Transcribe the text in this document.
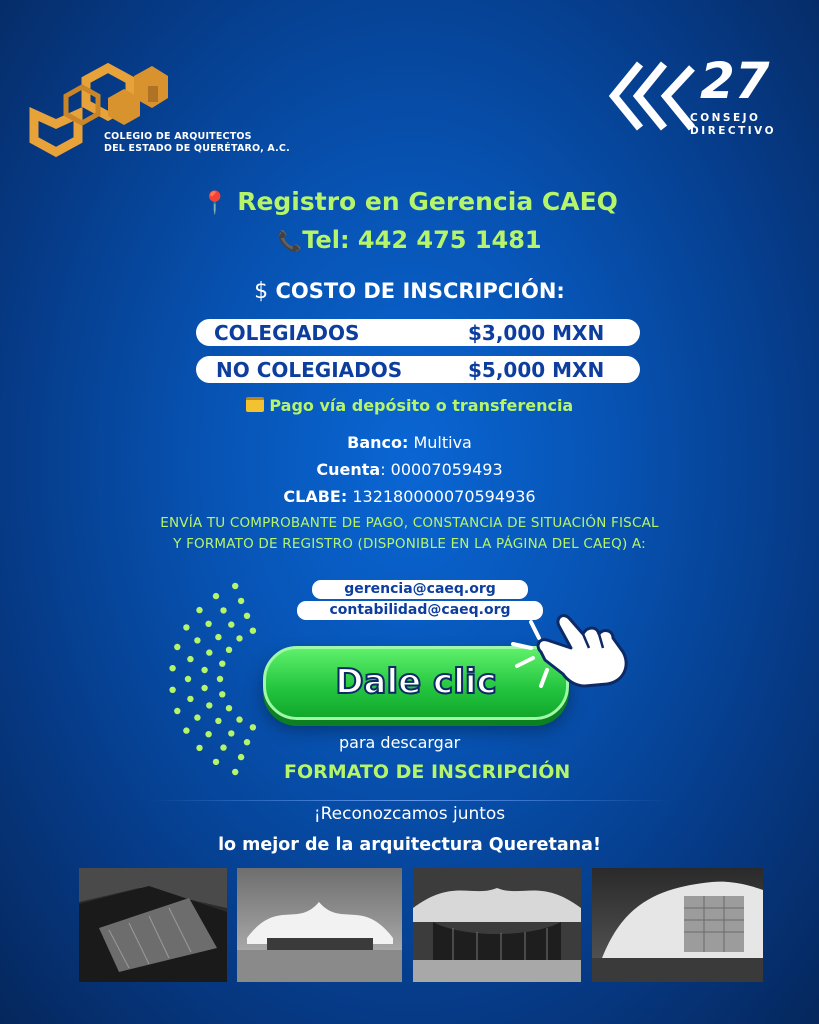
COLEGIO DE ARQUITECTOS
DEL ESTADO DE QUERÉTARO, A.C.
27
CONSEJO
DIRECTIVO
📍 Registro en Gerencia CAEQ
📞Tel: 442 475 1481
$ COSTO DE INSCRIPCIÓN:
COLEGIADOS	$3,000 MXN
NO COLEGIADOS	$5,000 MXN
Pago vía depósito o transferencia
Banco: Multiva
Cuenta: 00007059493
CLABE: 132180000070594936
ENVÍA TU COMPROBANTE DE PAGO, CONSTANCIA DE SITUACIÓN FISCAL
Y FORMATO DE REGISTRO (DISPONIBLE EN LA PÁGINA DEL CAEQ) A:
gerencia@caeq.org
contabilidad@caeq.org
Dale clic
para descargar
FORMATO DE INSCRIPCIÓN
¡Reconozcamos juntos
lo mejor de la arquitectura Queretana!
